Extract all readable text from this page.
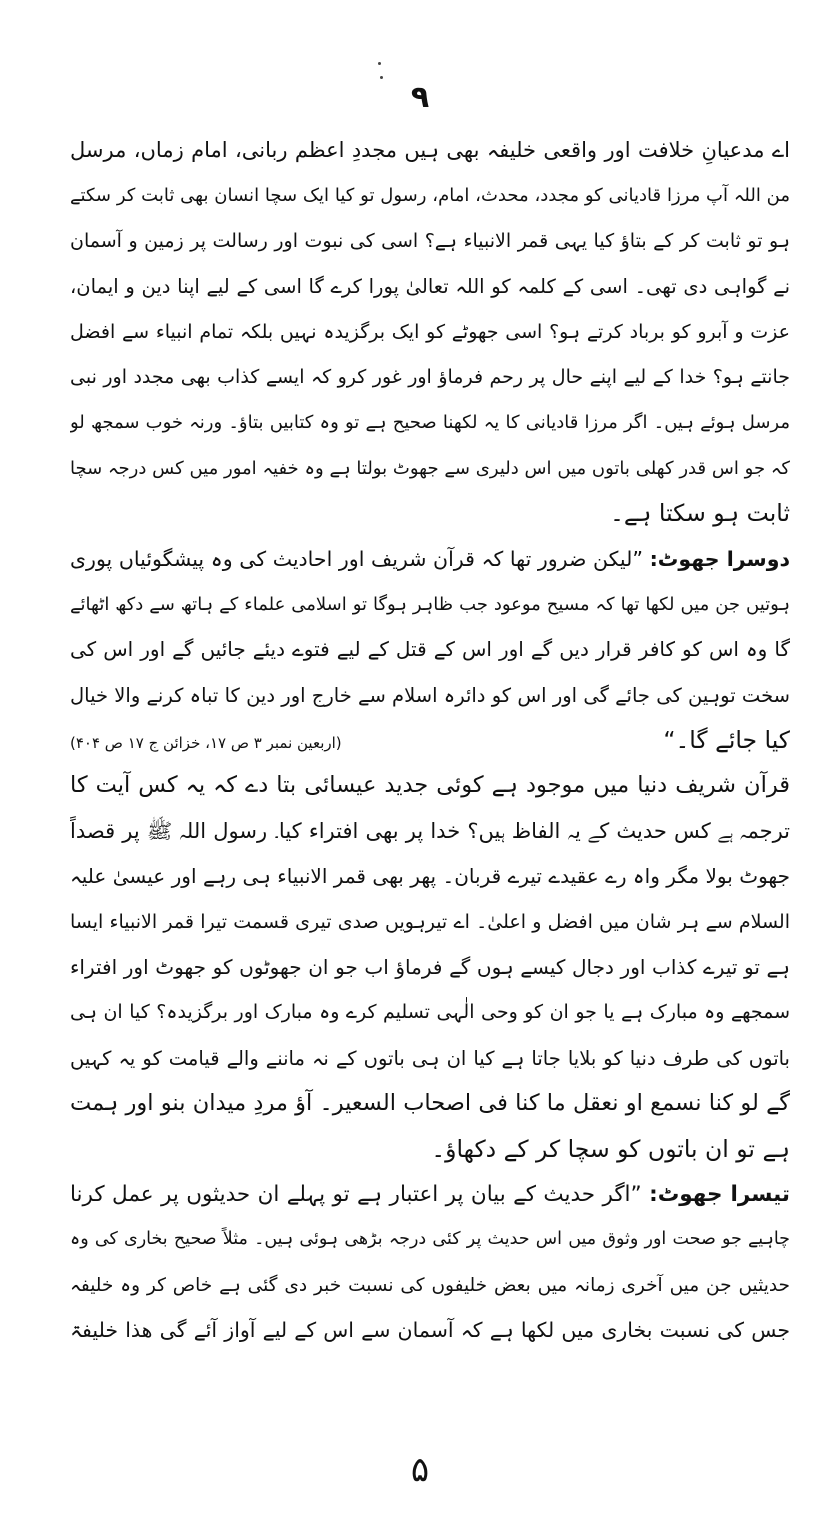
۹
اے مدعیانِ خلافت اور واقعی خلیفہ بھی ہیں مجددِ اعظم ربانی، امام زماں، مرسل
من اللہ آپ مرزا قادیانی کو مجدد، محدث، امام، رسول تو کیا ایک سچا انسان بھی ثابت کر سکتے
ہو تو ثابت کر کے بتاؤ کیا یہی قمر الانبیاء ہے؟ اسی کی نبوت اور رسالت پر زمین و آسمان
نے گواہی دی تھی۔ اسی کے کلمہ کو اللہ تعالیٰ پورا کرے گا اسی کے لیے اپنا دین و ایمان،
عزت و آبرو کو برباد کرتے ہو؟ اسی جھوٹے کو ایک برگزیدہ نہیں بلکہ تمام انبیاء سے افضل
جانتے ہو؟ خدا کے لیے اپنے حال پر رحم فرماؤ اور غور کرو کہ ایسے کذاب بھی مجدد اور نبی
مرسل ہوئے ہیں۔ اگر مرزا قادیانی کا یہ لکھنا صحیح ہے تو وہ کتابیں بتاؤ۔ ورنہ خوب سمجھ لو
کہ جو اس قدر کھلی باتوں میں اس دلیری سے جھوٹ بولتا ہے وہ خفیہ امور میں کس درجہ سچا
ثابت ہو سکتا ہے۔
دوسرا جھوٹ: ”لیکن ضرور تھا کہ قرآن شریف اور احادیث کی وہ پیشگوئیاں پوری
ہوتیں جن میں لکھا تھا کہ مسیح موعود جب ظاہر ہوگا تو اسلامی علماء کے ہاتھ سے دکھ اٹھائے
گا وہ اس کو کافر قرار دیں گے اور اس کے قتل کے لیے فتوے دیئے جائیں گے اور اس کی
سخت توہین کی جائے گی اور اس کو دائرہ اسلام سے خارج اور دین کا تباہ کرنے والا خیال
کیا جائے گا۔“
(اربعین نمبر ۳ ص ۱۷، خزائن ج ۱۷ ص ۴۰۴)
قرآن شریف دنیا میں موجود ہے کوئی جدید عیسائی بتا دے کہ یہ کس آیت کا
ترجمہ ہے کس حدیث کے یہ الفاظ ہیں؟ خدا پر بھی افتراء کیا۔ رسول اللہ ﷺ پر قصداً
جھوٹ بولا مگر واہ رے عقیدے تیرے قربان۔ پھر بھی قمر الانبیاء ہی رہے اور عیسیٰ علیہ
السلام سے ہر شان میں افضل و اعلیٰ۔ اے تیرہویں صدی تیری قسمت تیرا قمر الانبیاء ایسا
ہے تو تیرے کذاب اور دجال کیسے ہوں گے فرماؤ اب جو ان جھوٹوں کو جھوٹ اور افتراء
سمجھے وہ مبارک ہے یا جو ان کو وحی الٰہی تسلیم کرے وہ مبارک اور برگزیدہ؟ کیا ان ہی
باتوں کی طرف دنیا کو بلایا جاتا ہے کیا ان ہی باتوں کے نہ ماننے والے قیامت کو یہ کہیں
گے لو کنا نسمع او نعقل ما کنا فی اصحاب السعیر۔ آؤ مردِ میدان بنو اور ہمت
ہے تو ان باتوں کو سچا کر کے دکھاؤ۔
تیسرا جھوٹ: ”اگر حدیث کے بیان پر اعتبار ہے تو پہلے ان حدیثوں پر عمل کرنا
چاہیے جو صحت اور وثوق میں اس حدیث پر کئی درجہ بڑھی ہوئی ہیں۔ مثلاً صحیح بخاری کی وہ
حدیثیں جن میں آخری زمانہ میں بعض خلیفوں کی نسبت خبر دی گئی ہے خاص کر وہ خلیفہ
جس کی نسبت بخاری میں لکھا ہے کہ آسمان سے اس کے لیے آواز آئے گی ھذا خلیفۃ
۵
